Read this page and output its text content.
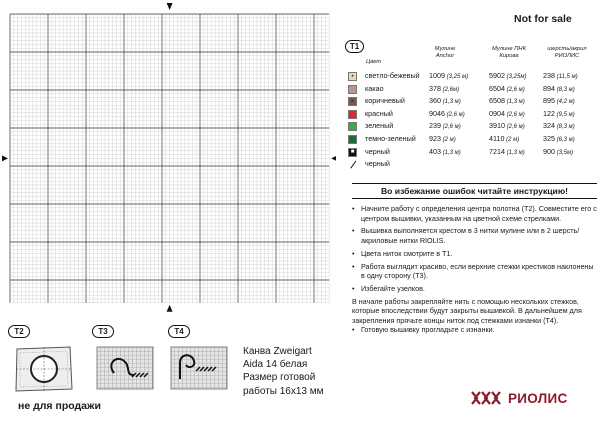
Not for sale
T1
Цвет
Мулине Anchor
Мулине ПНК Кирова
шерсть/акрил РИОЛИС
•	светло-бежевый 1009 (3,25 м)	5902 (3,25м)	238 (11,5 м)
какао	378 (2,6м)	6504 (2,6 м)	894 (8,3 м)
×	коричневый	360 (1,3 м)	6508 (1,3 м)	895 (4,2 м)
красный	9046 (2,6 м)	0904 (2,6 м)	122 (9,5 м)
зеленый	239 (2,6 м)	3910 (2,6 м)	324 (8,3 м)
темно-зеленый 923 (2 м)	4110 (2 м)	325 (6,3 м)
■	черный	403 (1,3 м)	7214 (1,3 м)	900 (3,5м)
черный
Во избежание ошибок читайте инструкцию!
• Начните работу с определения центра полотна (Т2). Совместите его с центром вышивки, указанным на цветной схеме стрелками.
• Вышивка выполняется крестом в 3 нитки мулине или в 2 шерсть/акриловые нитки RIOLIS.
• Цвета ниток смотрите в Т1.
• Работа выглядит красиво, если верхние стежки крестиков наклонены в одну сторону (Т3).
• Избегайте узелков.
В начале работы закрепляйте нить с помощью нескольких стежков, которые впоследствии будут закрыты вышивкой. В дальнейшем для закрепления прячьте концы ниток под стежками изнанки (Т4).
• Готовую вышивку прогладьте с изнанки.
T2	T3	T4
Канва Zweigart
Aida 14 белая
Размер готовой
работы 16х13 мм
не для продажи
РИОЛИС
